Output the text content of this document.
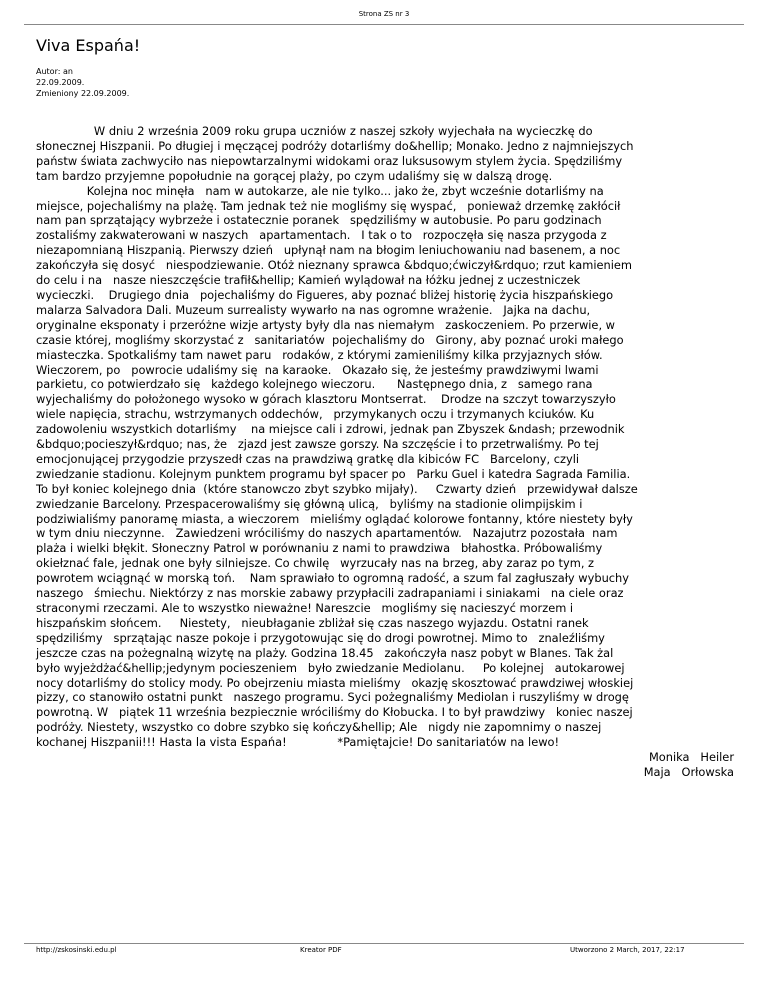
Strona ZS nr 3
Viva Espańa!
Autor: an
22.09.2009.
Zmieniony 22.09.2009.

W dniu 2 września 2009 roku grupa uczniów z naszej szkoły wyjechała na wycieczkę do

słonecznej Hiszpanii. Po długiej i męczącej podróży dotarliśmy do&hellip; Monako. Jedno z najmniejszych

państw świata zachwyciło nas niepowtarzalnymi widokami oraz luksusowym stylem życia. Spędziliśmy

tam bardzo przyjemne popołudnie na gorącej plaży, po czym udaliśmy się w dalszą drogę.

Kolejna noc minęła   nam w autokarze, ale nie tylko... jako że, zbyt wcześnie dotarliśmy na

miejsce, pojechaliśmy na plażę. Tam jednak też nie mogliśmy się wyspać,   ponieważ drzemkę zakłócił

nam pan sprzątający wybrzeże i ostatecznie poranek   spędziliśmy w autobusie. Po paru godzinach

zostaliśmy zakwaterowani w naszych   apartamentach.   I tak o to   rozpoczęła się nasza przygoda z

niezapomnianą Hiszpanią. Pierwszy dzień   upłynął nam na błogim leniuchowaniu nad basenem, a noc

zakończyła się dosyć   niespodziewanie. Otóż nieznany sprawca &bdquo;ćwiczył&rdquo; rzut kamieniem

do celu i na   nasze nieszczęście trafił&hellip; Kamień wylądował na łóżku jednej z uczestniczek

wycieczki.    Drugiego dnia   pojechaliśmy do Figueres, aby poznać bliżej historię życia hiszpańskiego

malarza Salvadora Dali. Muzeum surrealisty wywarło na nas ogromne wrażenie.   Jajka na dachu,

oryginalne eksponaty i przeróżne wizje artysty były dla nas niemałym   zaskoczeniem. Po przerwie, w

czasie której, mogliśmy skorzystać z   sanitariatów  pojechaliśmy do   Girony, aby poznać uroki małego

miasteczka. Spotkaliśmy tam nawet paru   rodaków, z którymi zamieniliśmy kilka przyjaznych słów.

Wieczorem, po   powrocie udaliśmy się  na karaoke.   Okazało się, że jesteśmy prawdziwymi lwami

parkietu, co potwierdzało się   każdego kolejnego wieczoru.      Następnego dnia, z   samego rana

wyjechaliśmy do położonego wysoko w górach klasztoru Montserrat.    Drodze na szczyt towarzyszyło

wiele napięcia, strachu, wstrzymanych oddechów,   przymykanych oczu i trzymanych kciuków. Ku

zadowoleniu wszystkich dotarliśmy    na miejsce cali i zdrowi, jednak pan Zbyszek &ndash; przewodnik

&bdquo;pocieszył&rdquo; nas, że   zjazd jest zawsze gorszy. Na szczęście i to przetrwaliśmy. Po tej

emocjonującej przygodzie przyszedł czas na prawdziwą gratkę dla kibiców FC   Barcelony, czyli

zwiedzanie stadionu. Kolejnym punktem programu był spacer po   Parku Guel i katedra Sagrada Familia.

To był koniec kolejnego dnia  (które stanowczo zbyt szybko mijały).     Czwarty dzień   przewidywał dalsze

zwiedzanie Barcelony. Przespacerowaliśmy się główną ulicą,   byliśmy na stadionie olimpijskim i

podziwialiśmy panoramę miasta, a wieczorem   mieliśmy oglądać kolorowe fontanny, które niestety były

w tym dniu nieczynne.   Zawiedzeni wróciliśmy do naszych apartamentów.   Nazajutrz pozostała  nam

plaża i wielki błękit. Słoneczny Patrol w porównaniu z nami to prawdziwa   błahostka. Próbowaliśmy

okiełznać fale, jednak one były silniejsze. Co chwilę   wyrzucały nas na brzeg, aby zaraz po tym, z

powrotem wciągnąć w morską toń.    Nam sprawiało to ogromną radość, a szum fal zagłuszały wybuchy

naszego   śmiechu. Niektórzy z nas morskie zabawy przypłacili zadrapaniami i siniakami   na ciele oraz

straconymi rzeczami. Ale to wszystko nieważne! Nareszcie   mogliśmy się nacieszyć morzem i

hiszpańskim słońcem.     Niestety,   nieubłaganie zbliżał się czas naszego wyjazdu. Ostatni ranek

spędziliśmy   sprzątając nasze pokoje i przygotowując się do drogi powrotnej. Mimo to   znaleźliśmy

jeszcze czas na pożegnalną wizytę na plaży. Godzina 18.45   zakończyła nasz pobyt w Blanes. Tak żal

było wyjeżdżać&hellip;jedynym pocieszeniem   było zwiedzanie Mediolanu.     Po kolejnej   autokarowej

nocy dotarliśmy do stolicy mody. Po obejrzeniu miasta mieliśmy   okazję skosztować prawdziwej włoskiej

pizzy, co stanowiło ostatni punkt   naszego programu. Syci pożegnaliśmy Mediolan i ruszyliśmy w drogę

powrotną. W   piątek 11 września bezpiecznie wróciliśmy do Kłobucka. I to był prawdziwy   koniec naszej

podróży. Niestety, wszystko co dobre szybko się kończy&hellip; Ale   nigdy nie zapomnimy o naszej

kochanej Hiszpanii!!! Hasta la vista Espańa!              *Pamiętajcie! Do sanitariatów na lewo!

Monika   Heiler

Maja   Orłowska

http://zskosinski.edu.pl	Kreator PDF	Utworzono 2 March, 2017, 22:17
